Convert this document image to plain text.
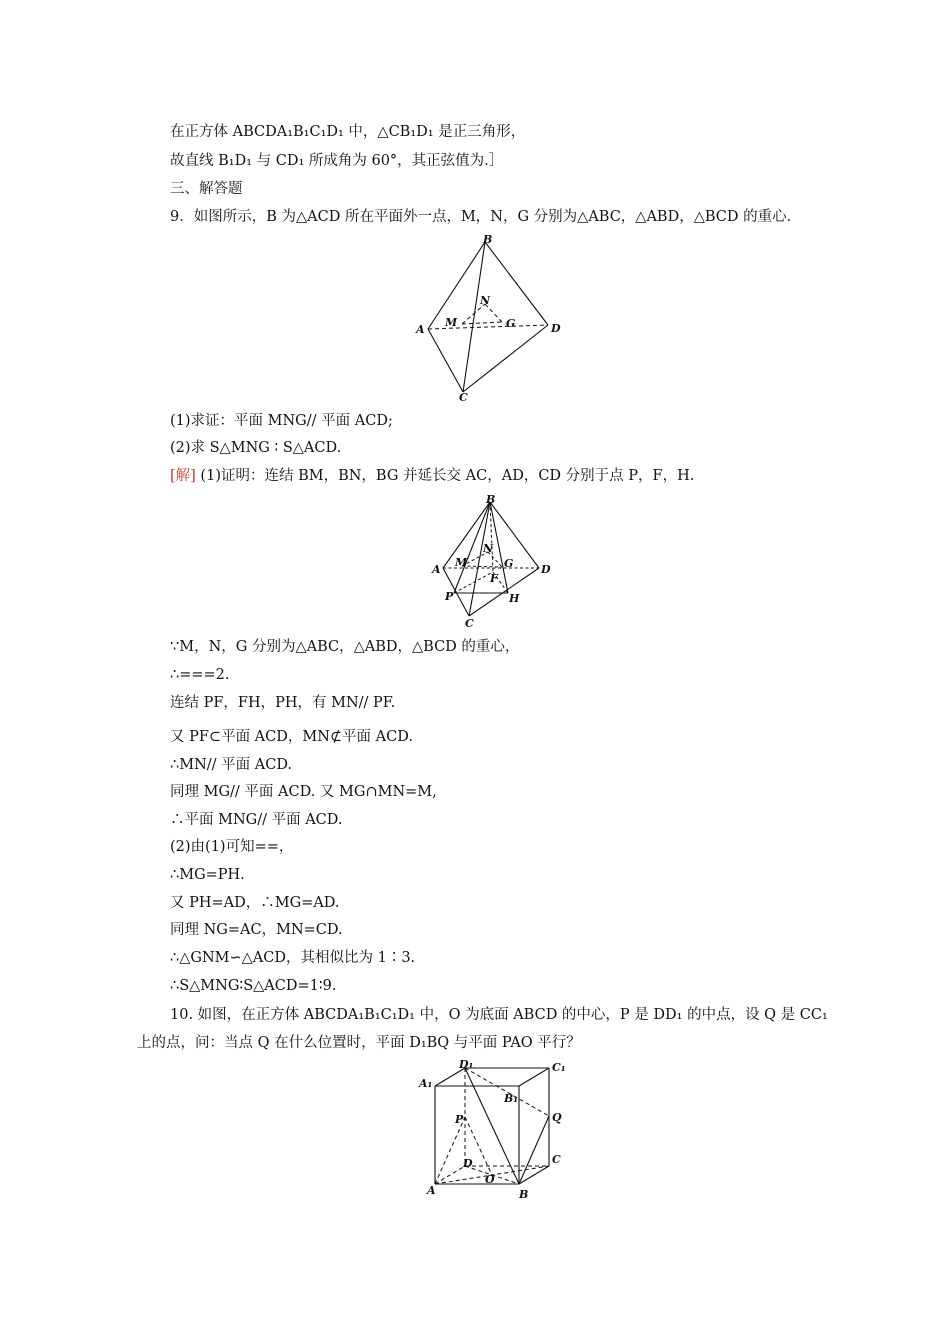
在正方体 ABCDA₁B₁C₁D₁ 中，△CB₁D₁ 是正三角形，
故直线 B₁D₁ 与 CD₁ 所成角为 60°，其正弦值为.］
三、解答题
9．如图所示，B 为△ACD 所在平面外一点，M，N，G 分别为△ABC，△ABD，△BCD 的重心．
B
N
M	G
A	D
C
(1)求证：平面 MNG// 平面 ACD;
(2)求 S△MNG ∶ S△ACD.
[解] (1)证明：连结 BM，BN，BG 并延长交 AC，AD，CD 分别于点 P，F，H.
B
N
M	G
F
A	D
P	H
C
∵M，N，G 分别为△ABC，△ABD，△BCD 的重心，
∴===2.
连结 PF，FH，PH，有 MN// PF.
又 PF⊂平面 ACD，MN⊄平面 ACD.
∴MN// 平面 ACD.
同理 MG// 平面 ACD. 又 MG∩MN=M,
∴平面 MNG// 平面 ACD.
(2)由(1)可知==，
∴MG=PH.
又 PH=AD，∴MG=AD.
同理 NG=AC，MN=CD.
∴△GNM∽△ACD，其相似比为 1∶3.
∴S△MNG∶S△ACD=1∶9.
10. 如图，在正方体 ABCDA₁B₁C₁D₁ 中，O 为底面 ABCD 的中心，P 是 DD₁ 的中点，设 Q 是 CC₁
上的点，问：当点 Q 在什么位置时，平面 D₁BQ 与平面 PAO 平行？
D₁	C₁
A₁
B₁
P	Q
D	C
A
O
B
